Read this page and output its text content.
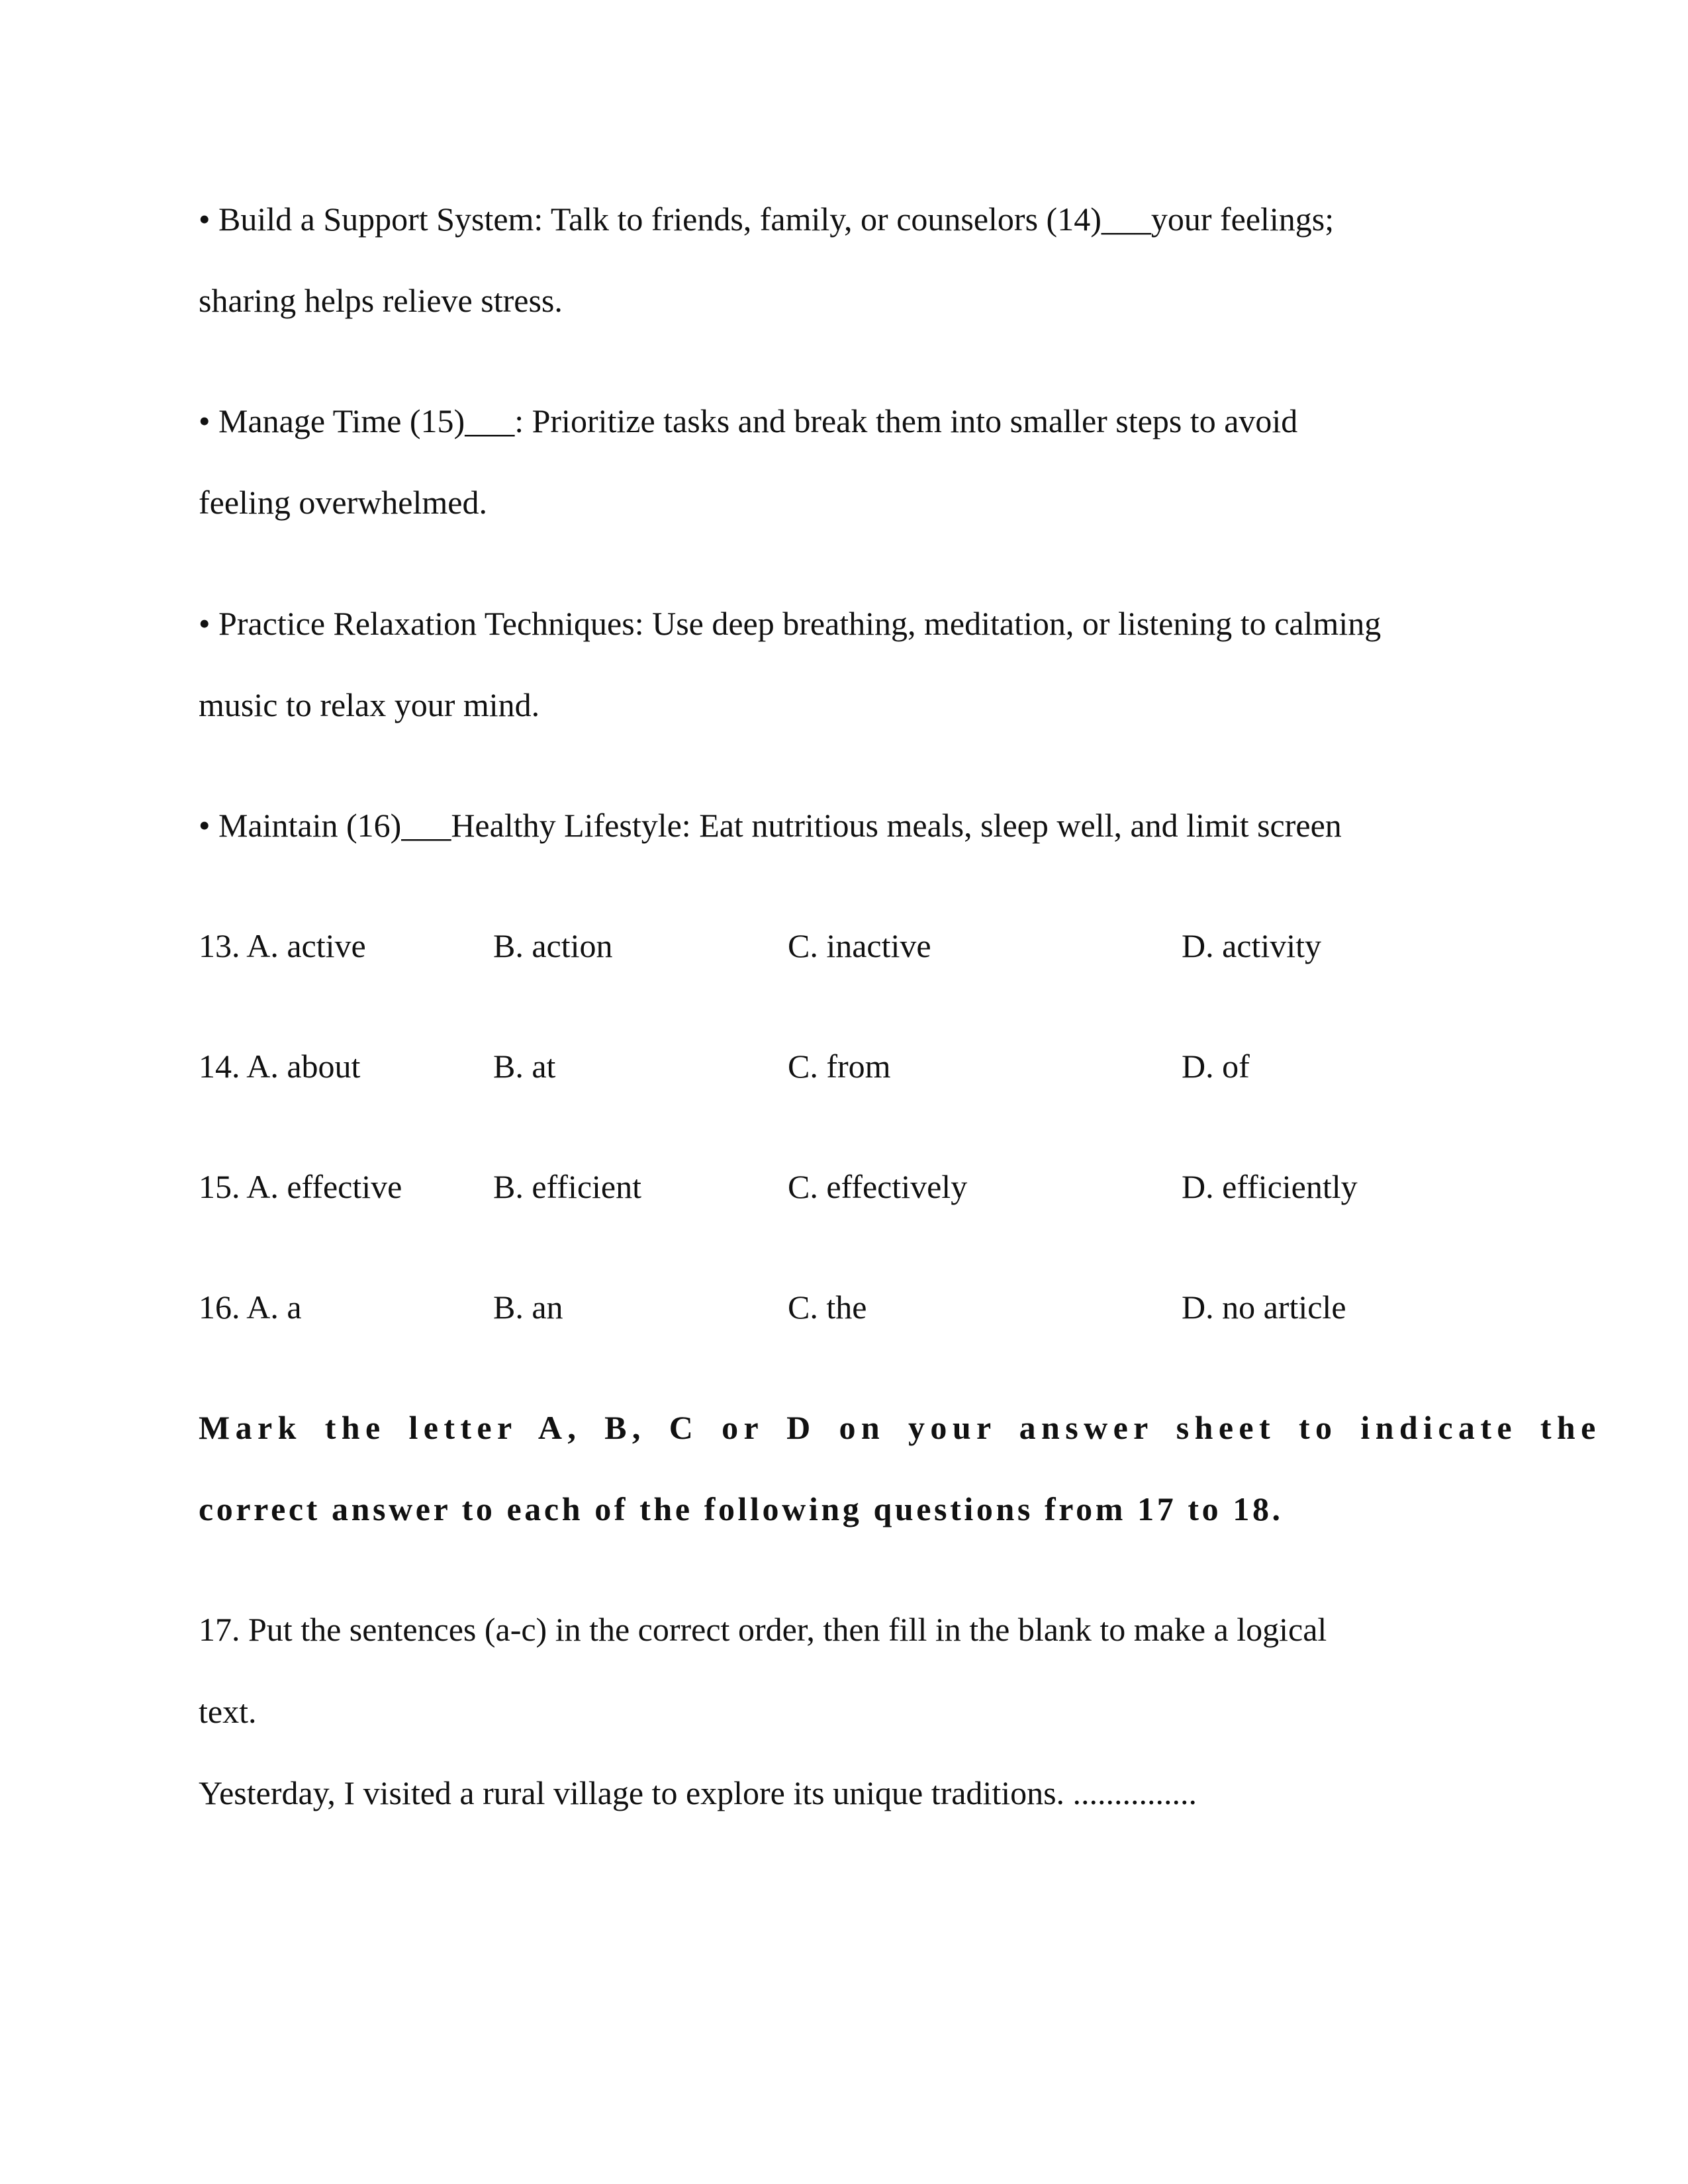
• Build a Support System: Talk to friends, family, or counselors (14)___your feelings;
sharing helps relieve stress.
• Manage Time (15)___: Prioritize tasks and break them into smaller steps to avoid
feeling overwhelmed.
• Practice Relaxation Techniques: Use deep breathing, meditation, or listening to calming
music to relax your mind.
• Maintain (16)___Healthy Lifestyle: Eat nutritious meals, sleep well, and limit screen
13. A. active	B. action	C. inactive	D. activity
14. A. about	B. at	C. from	D. of
15. A. effective	B. efficient	C. effectively	D. efficiently
16. A. a	B. an	C. the	D. no article
Mark the letter A, B, C or D on your answer sheet to indicate the
correct answer to each of the following questions from 17 to 18.
17. Put the sentences (a-c) in the correct order, then fill in the blank to make a logical
text.
Yesterday, I visited a rural village to explore its unique traditions. ...............
